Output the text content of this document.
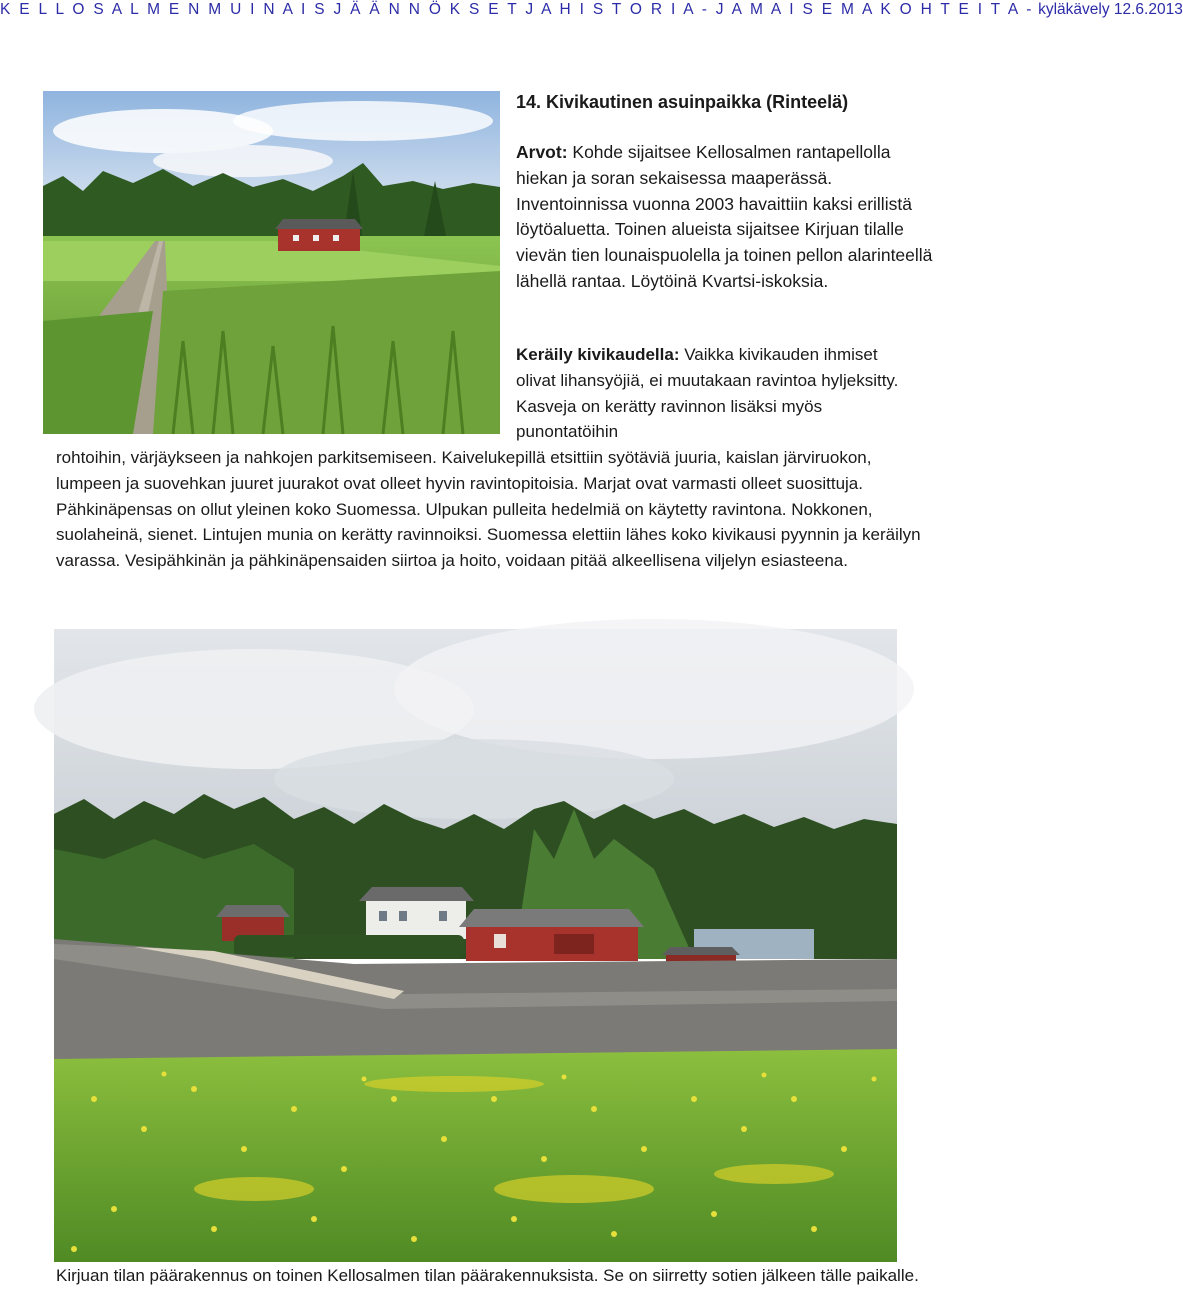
K E L L O S A L M E N M U I N A I S J Ä Ä N N Ö K S E T J A H I S T O R I A - J A M A I S E M A K O H T E I T A - kyläkävely 12.6.2013
14. Kivikautinen asuinpaikka (Rinteelä)

Arvot: Kohde sijaitsee Kellosalmen rantapellolla hiekan ja soran sekaisessa maaperässä. Inventoinnissa vuonna 2003 havaittiin kaksi erillistä löytöaluetta. Toinen alueista sijaitsee Kirjuan tilalle vievän tien lounaispuolella ja toinen pellon alarinteellä lähellä rantaa. Löytöinä Kvartsi-iskoksia.

Keräily kivikaudella: Vaikka kivikauden ihmiset olivat lihansyöjiä, ei muutakaan ravintoa hyljeksitty. Kasveja on kerätty ravinnon lisäksi myös punontatöihin

rohtoihin, värjäykseen ja nahkojen parkitsemiseen. Kaivelukepillä etsittiin syötäviä juuria, kaislan järviruokon, lumpeen ja suovehkan juuret juurakot ovat olleet hyvin ravintopitoisia. Marjat ovat varmasti olleet suosittuja. Pähkinäpensas on ollut yleinen koko Suomessa. Ulpukan pulleita hedelmiä on käytetty ravintona. Nokkonen, suolaheinä, sienet. Lintujen munia on kerätty ravinnoiksi. Suomessa elettiin lähes koko kivikausi pyynnin ja keräilyn varassa. Vesipähkinän ja pähkinäpensaiden siirtoa ja hoito, voidaan pitää alkeellisena viljelyn esiasteena.

Kirjuan tilan päärakennus on toinen Kellosalmen tilan päärakennuksista. Se on siirretty sotien jälkeen tälle paikalle.
